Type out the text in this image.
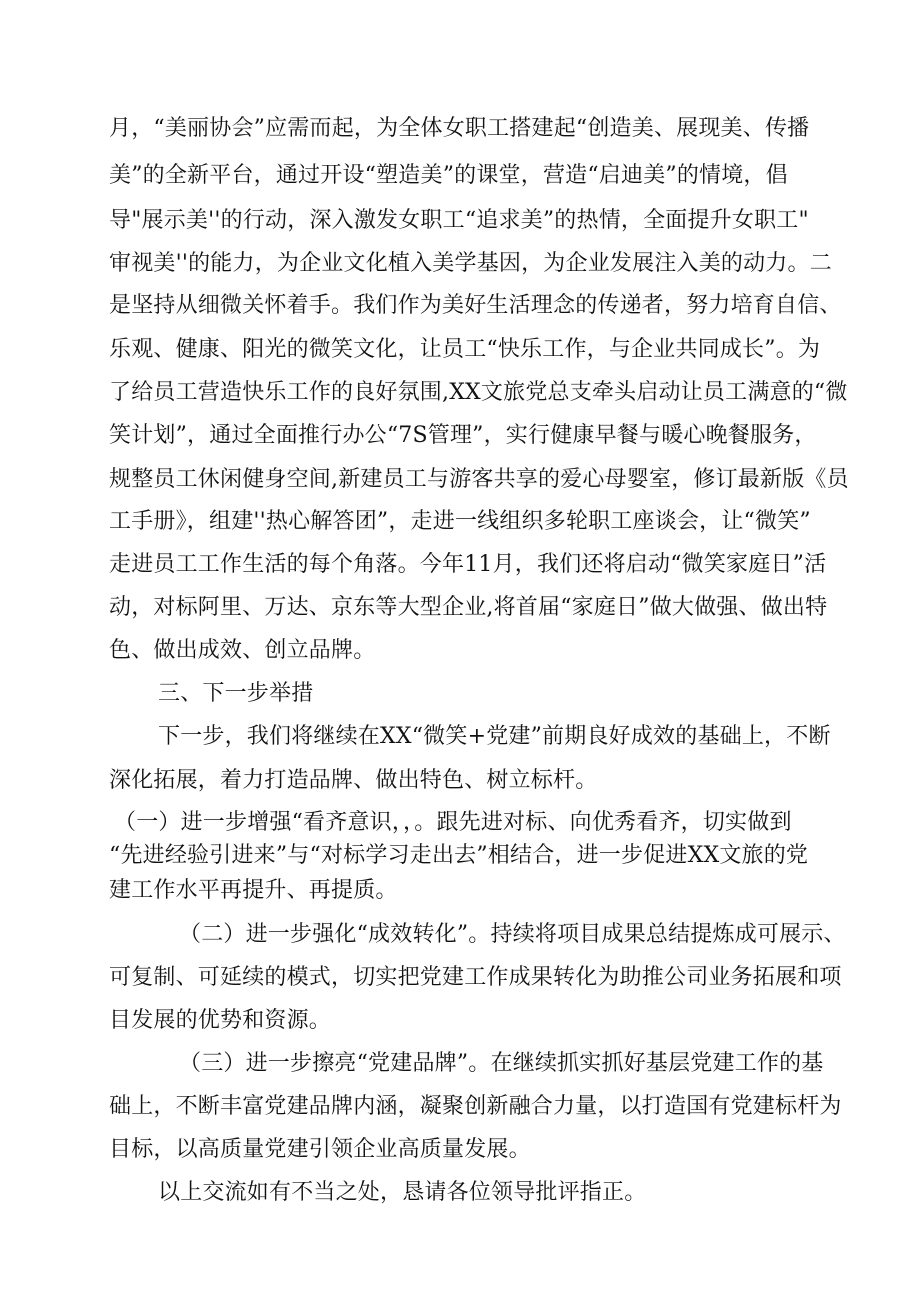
月，“美丽协会”应需而起，为全体女职工搭建起“创造美、展现美、传播
美”的全新平台，通过开设“塑造美”的课堂，营造“启迪美”的情境，倡
导"展示美''的行动，深入激发女职工“追求美”的热情，全面提升女职工"
审视美''的能力，为企业文化植入美学基因，为企业发展注入美的动力。二
是坚持从细微关怀着手。我们作为美好生活理念的传递者，努力培育自信、
乐观、健康、阳光的微笑文化，让员工“快乐工作，与企业共同成长”。为
了给员工营造快乐工作的良好氛围,XX文旅党总支牵头启动让员工满意的“微
笑计划”，通过全面推行办公“7S管理”，实行健康早餐与暖心晚餐服务，
规整员工休闲健身空间,新建员工与游客共享的爱心母婴室，修订最新版《员
工手册》，组建''热心解答团”，走进一线组织多轮职工座谈会，让“微笑”
走进员工工作生活的每个角落。今年11月，我们还将启动“微笑家庭日”活
动，对标阿里、万达、京东等大型企业,将首届“家庭日”做大做强、做出特
色、做出成效、创立品牌。
三、下一步举措
下一步，我们将继续在XX“微笑+党建”前期良好成效的基础上，不断
深化拓展，着力打造品牌、做出特色、树立标杆。
（一）进一步增强“看齐意识，，。跟先进对标、向优秀看齐，切实做到
“先进经验引进来”与“对标学习走出去”相结合，进一步促进XX文旅的党
建工作水平再提升、再提质。
（二）进一步强化“成效转化”。持续将项目成果总结提炼成可展示、
可复制、可延续的模式，切实把党建工作成果转化为助推公司业务拓展和项
目发展的优势和资源。
（三）进一步擦亮“党建品牌”。在继续抓实抓好基层党建工作的基
础上，不断丰富党建品牌内涵，凝聚创新融合力量，以打造国有党建标杆为
目标，以高质量党建引领企业高质量发展。
以上交流如有不当之处，恳请各位领导批评指正。
